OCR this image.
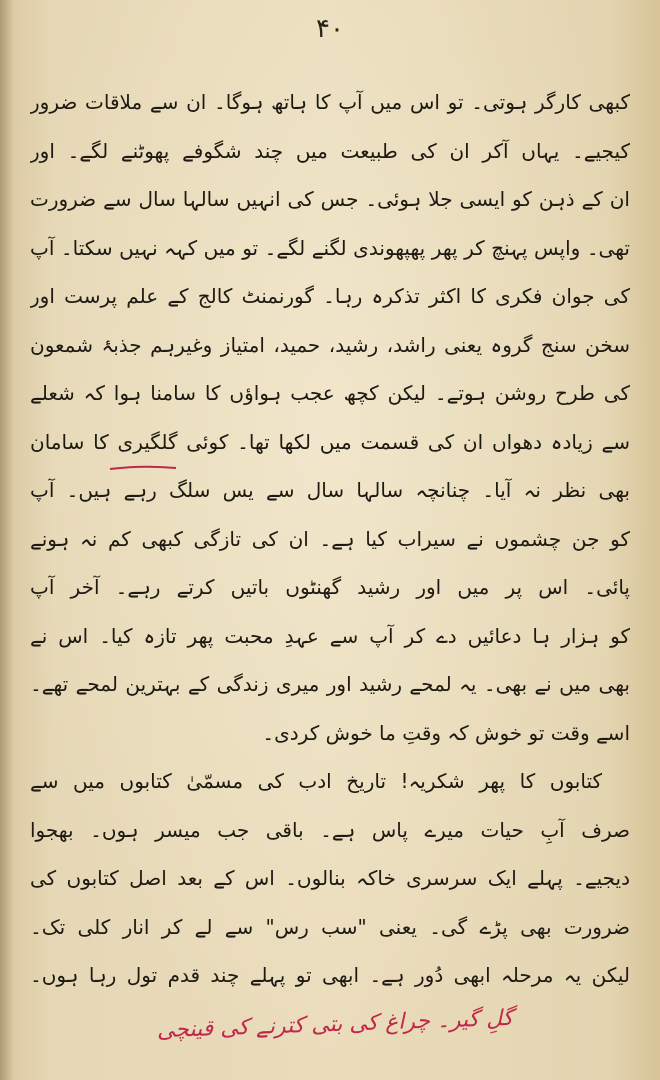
۴۰
کبھی کارگر ہوتی۔ تو اس میں آپ کا ہاتھ ہوگا۔ ان سے ملاقات ضرور
کیجیے۔ یہاں آکر ان کی طبیعت میں چند شگوفے پھوٹنے لگے۔ اور
ان کے ذہن کو ایسی جلا ہوئی۔ جس کی انہیں سالہا سال سے ضرورت
تھی۔ واپس پہنچ کر پھر پھپھوندی لگنے لگے۔ تو میں کہہ نہیں سکتا۔ آپ
کی جوان فکری کا اکثر تذکرہ رہا۔ گورنمنٹ کالج کے علم پرست اور
سخن سنج گروہ یعنی راشد، رشید، حمید، امتیاز وغیرہم جذبۂ شمعون
کی طرح روشن ہوتے۔ لیکن کچھ عجب ہواؤں کا سامنا ہوا کہ شعلے
سے زیادہ دھواں ان کی قسمت میں لکھا تھا۔ کوئی گلگیری کا سامان
بھی نظر نہ آیا۔ چنانچہ سالہا سال سے یس سلگ رہے ہیں۔ آپ
کو جن چشموں نے سیراب کیا ہے۔ ان کی تازگی کبھی کم نہ ہونے
پائی۔ اس پر میں اور رشید گھنٹوں باتیں کرتے رہے۔ آخر آپ
کو ہزار ہا دعائیں دے کر آپ سے عہدِ محبت پھر تازہ کیا۔ اس نے
بھی میں نے بھی۔ یہ لمحے رشید اور میری زندگی کے بہترین لمحے تھے۔
اسے وقت تو خوش کہ وقتِ ما خوش کردی۔
کتابوں کا پھر شکریہ! تاریخ ادب کی مسمّیٰ کتابوں میں سے
صرف آبِ حیات میرے پاس ہے۔ باقی جب میسر ہوں۔ بھجوا
دیجیے۔ پہلے ایک سرسری خاکہ بنالوں۔ اس کے بعد اصل کتابوں کی
ضرورت بھی پڑے گی۔ یعنی "سب رس" سے لے کر انار کلی تک۔
لیکن یہ مرحلہ ابھی دُور ہے۔ ابھی تو پہلے چند قدم تول رہا ہوں۔
گلِ گیر۔ چراغ کی بتی کترنے کی قینچی
